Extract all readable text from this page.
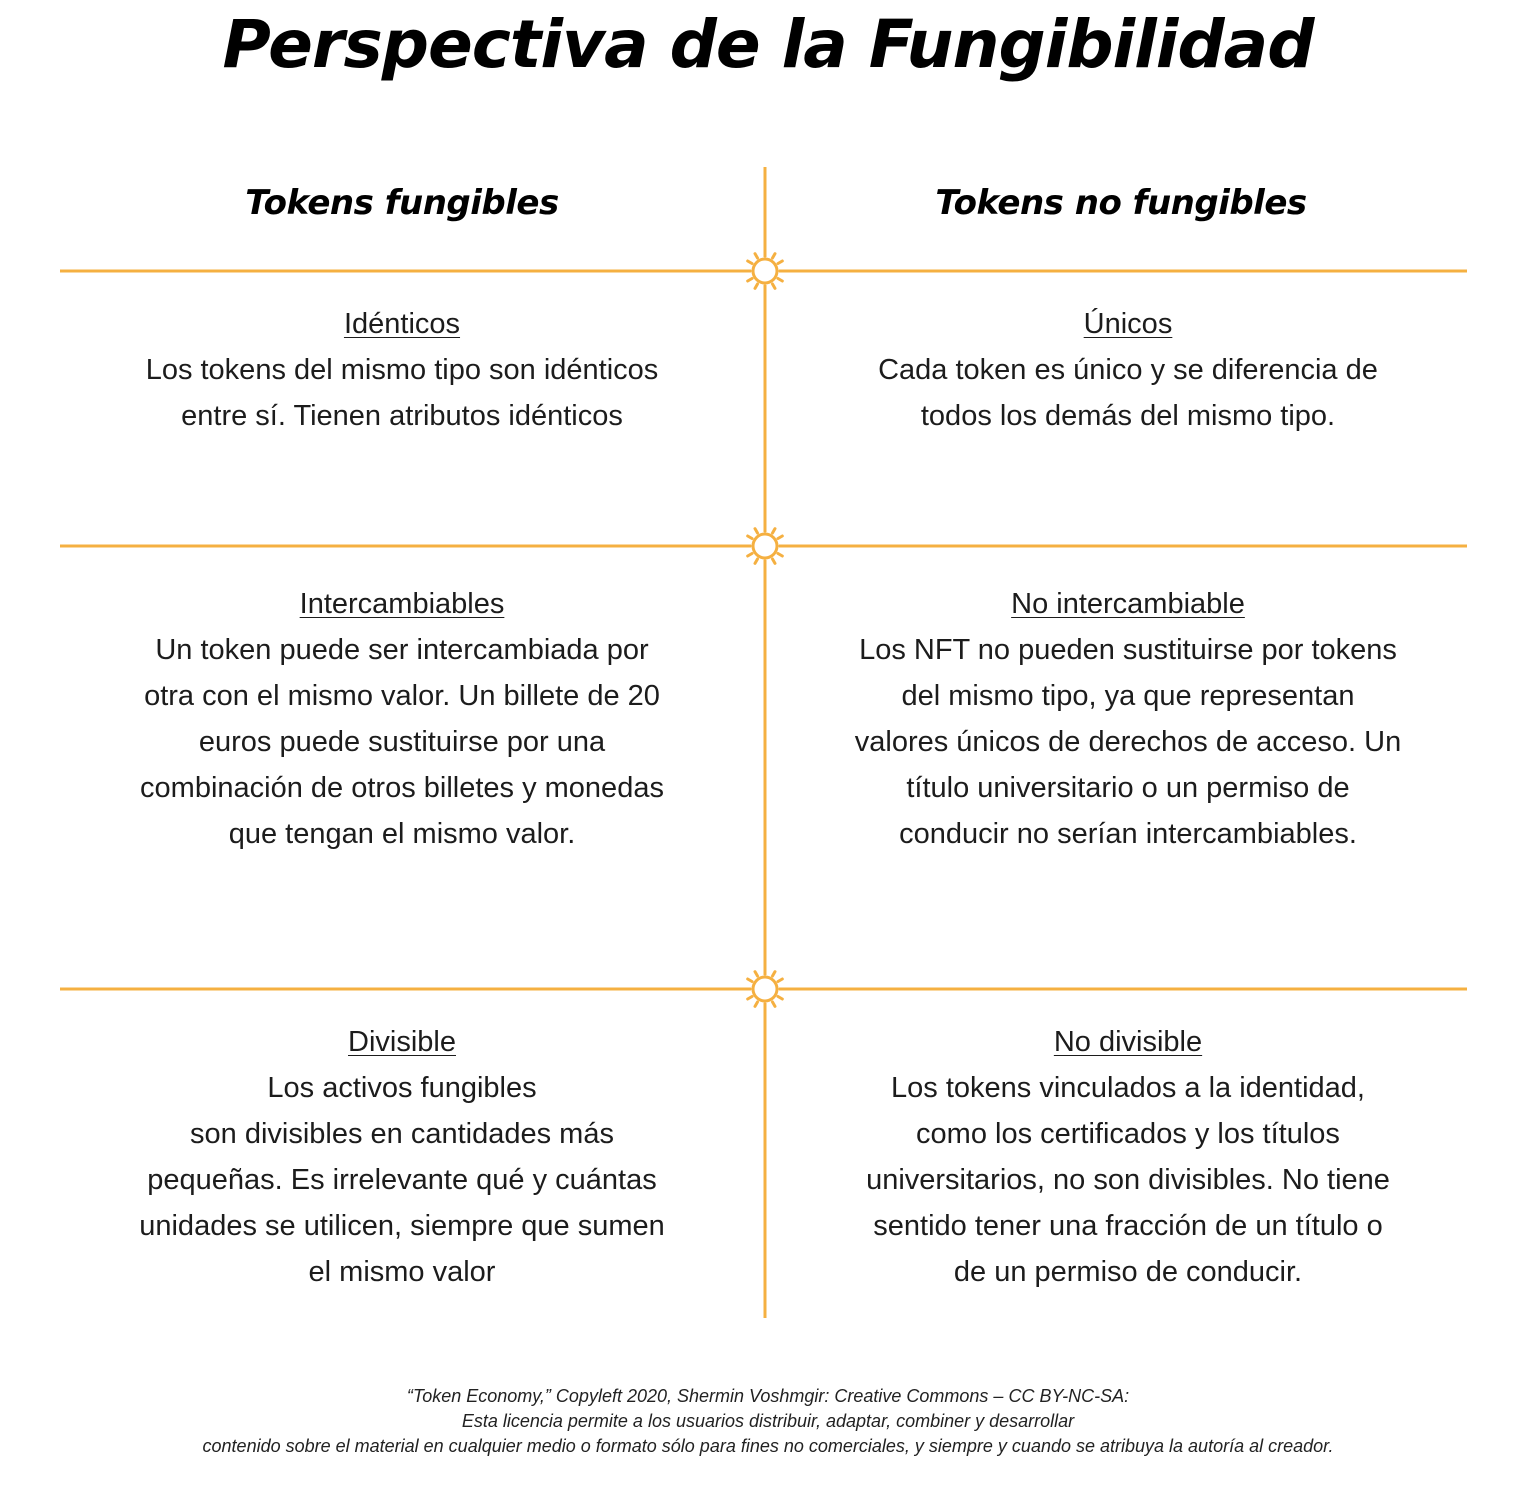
Perspectiva de la Fungibilidad
Tokens fungibles	Tokens no fungibles
Idénticos
Los tokens del mismo tipo son idénticos
entre sí. Tienen atributos idénticos
Únicos
Cada token es único y se diferencia de
todos los demás del mismo tipo.
Intercambiables
Un token puede ser intercambiada por
otra con el mismo valor. Un billete de 20
euros puede sustituirse por una
combinación de otros billetes y monedas
que tengan el mismo valor.
No intercambiable
Los NFT no pueden sustituirse por tokens
del mismo tipo, ya que representan
valores únicos de derechos de acceso. Un
título universitario o un permiso de
conducir no serían intercambiables.
Divisible
Los activos fungibles
son divisibles en cantidades más
pequeñas. Es irrelevante qué y cuántas
unidades se utilicen, siempre que sumen
el mismo valor
No divisible
Los tokens vinculados a la identidad,
como los certificados y los títulos
universitarios, no son divisibles. No tiene
sentido tener una fracción de un título o
de un permiso de conducir.
“Token Economy,” Copyleft 2020, Shermin Voshmgir: Creative Commons – CC BY-NC-SA:
Esta licencia permite a los usuarios distribuir, adaptar, combiner y desarrollar
contenido sobre el material en cualquier medio o formato sólo para fines no comerciales, y siempre y cuando se atribuya la autoría al creador.
